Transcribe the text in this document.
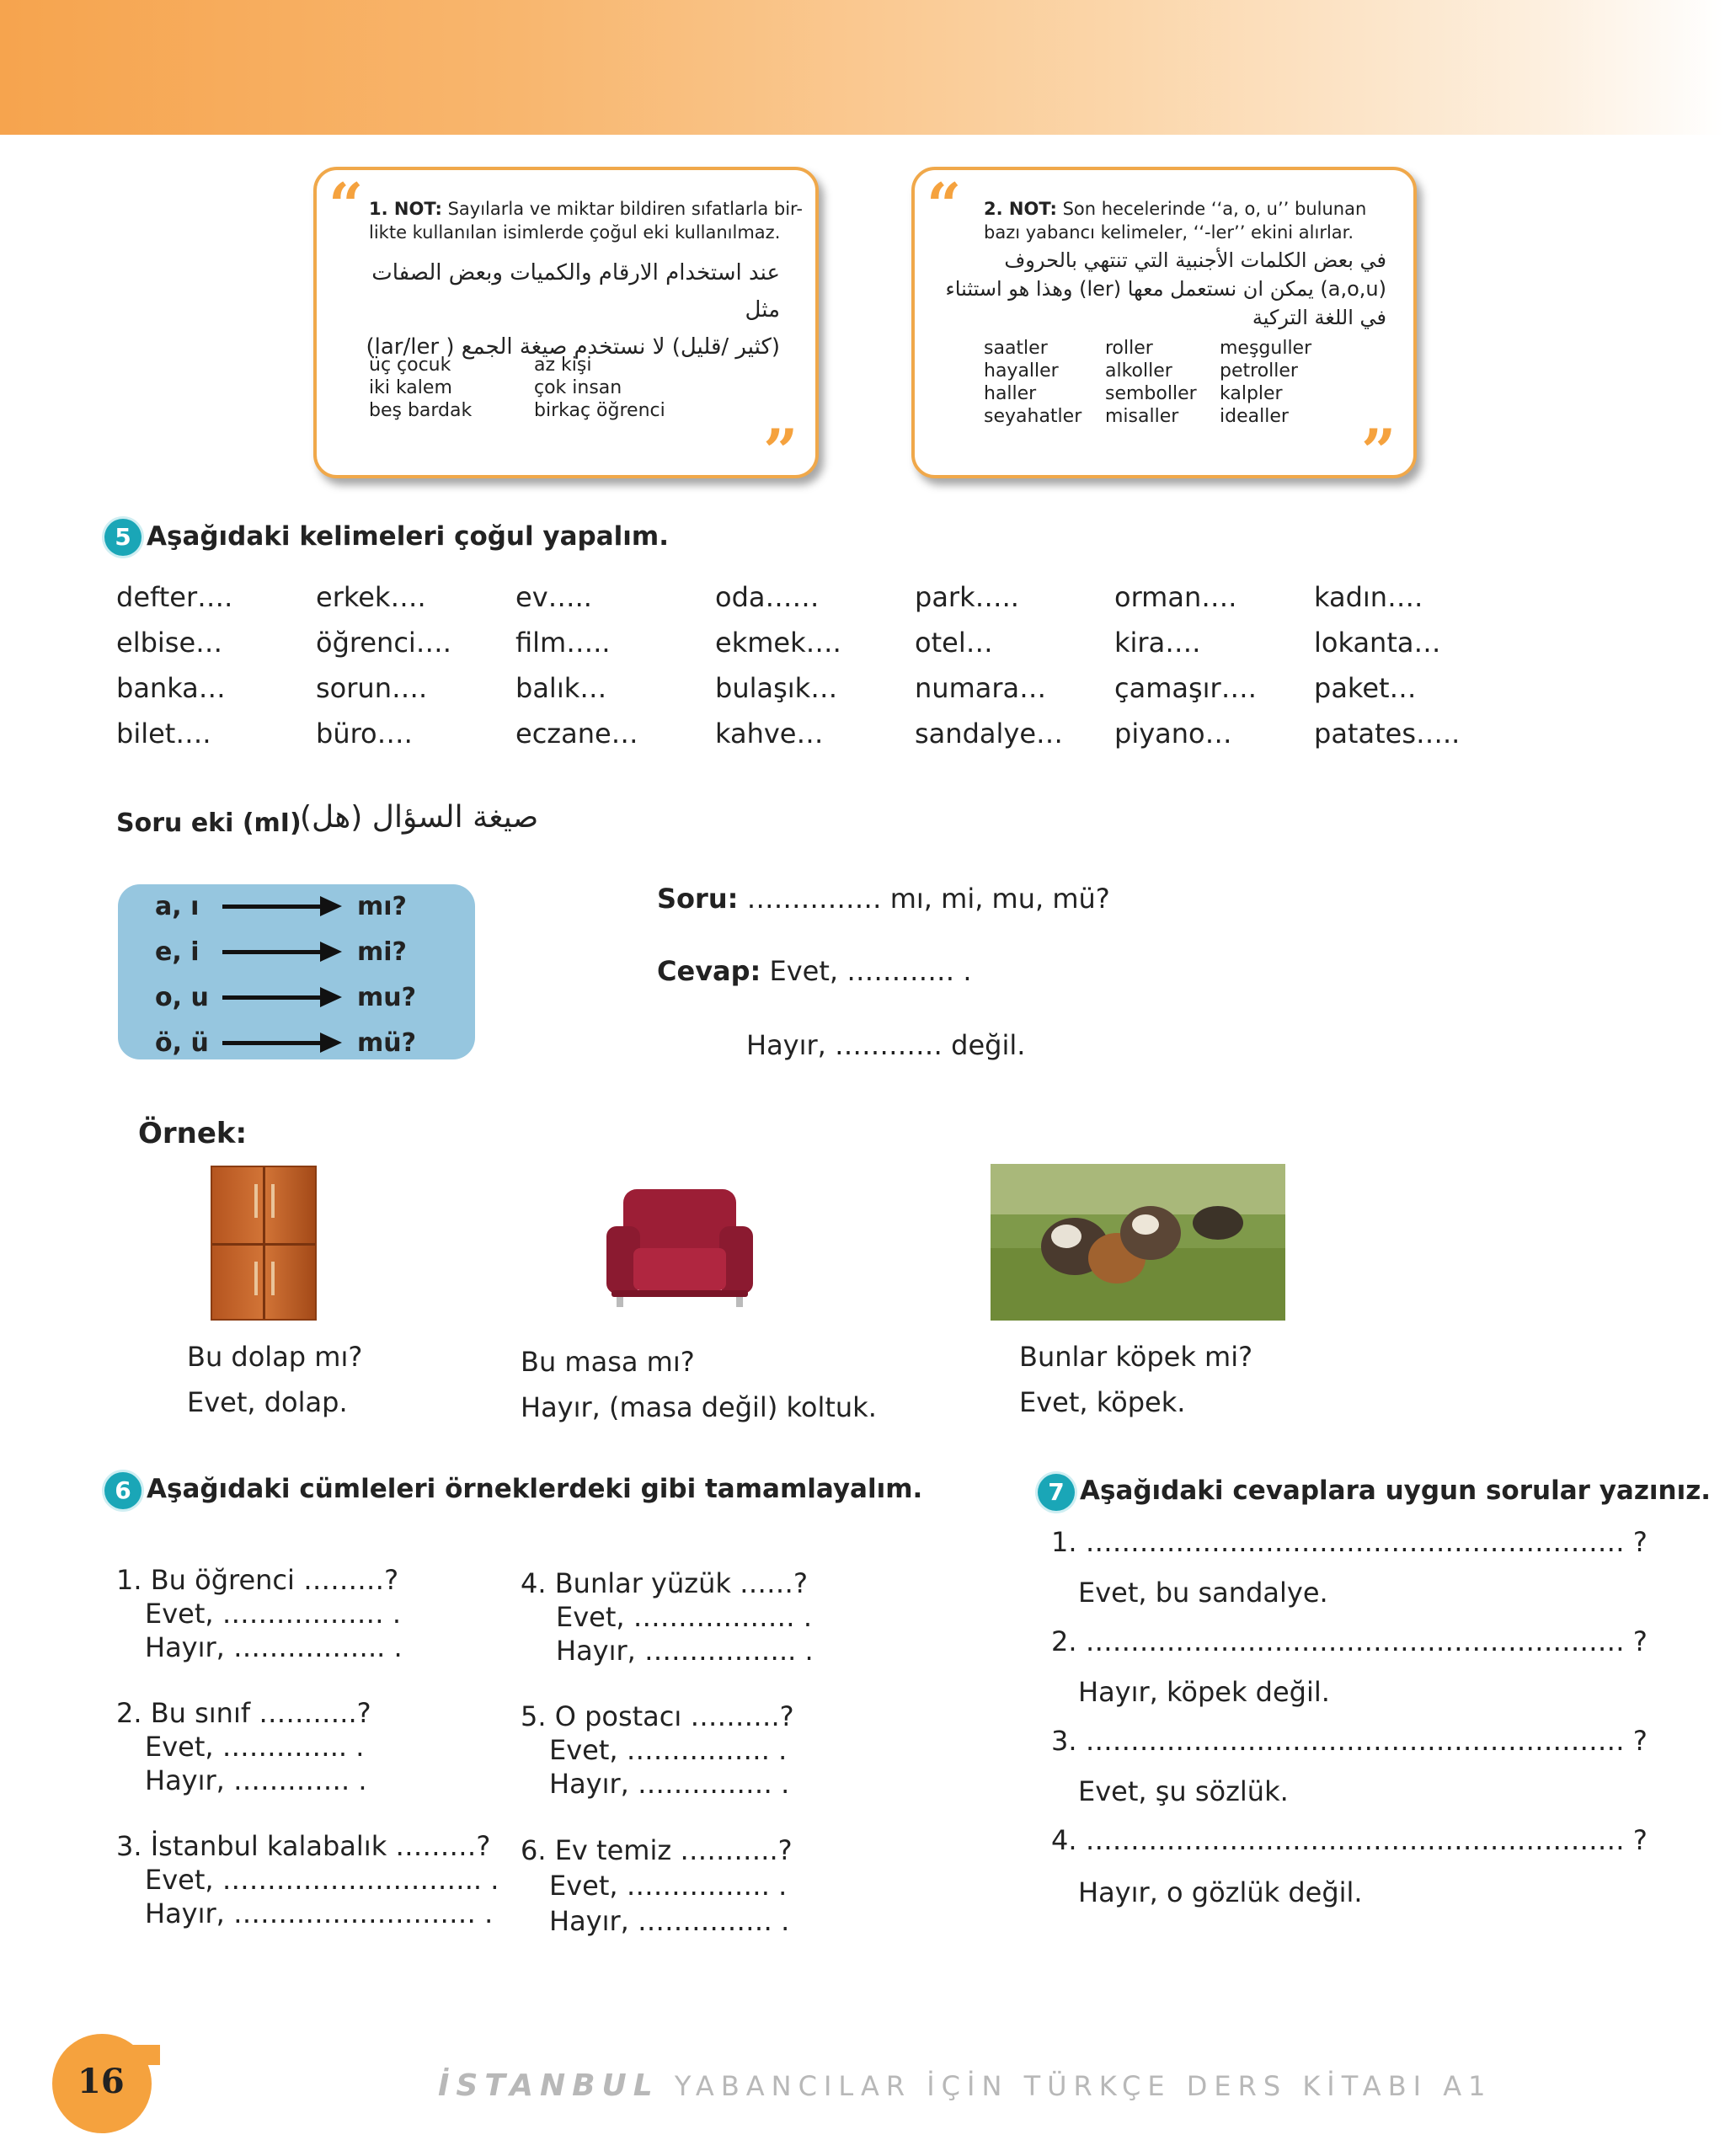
“ 1. NOT: Sayılarla ve miktar bildiren sıfatlarla bir-
likte kullanılan isimlerde çoğul eki kullanılmaz.
عند استخدام الارقام والكميات وبعض الصفات مثل
(كثير /قليل) لا نستخدم صيغة الجمع ( lar/ler)
üç çocuk
iki kalem
beş bardak
az kişi
çok insan
birkaç öğrenci
”
“ 2. NOT: Son hecelerinde ‘‘a, o, u’’ bulunan
bazı yabancı kelimeler, ‘‘-ler’’ ekini alırlar.
في بعض الكلمات الأجنبية التي تنتهي بالحروف
(a,o,u) يمكن ان نستعمل معها (ler) وهذا هو استثناء
في اللغة التركية
saatler
hayaller
haller
seyahatler
roller
alkoller
semboller
misaller
meşguller
petroller
kalpler
idealler	”
5 Aşağıdaki kelimeleri çoğul yapalım.
defter….
elbise…
banka…
bilet….
erkek….
öğrenci….
sorun….
büro….
ev…..
film…..
balık…
eczane…
oda……
ekmek….
bulaşık…
kahve…
park…..
otel…
numara…
sandalye…
orman….
kira….
çamaşır….
piyano…
kadın….
lokanta…
paket…
patates…..
Soru eki (mI)
صيغة السؤال (هل)
a, ı
e, i
o, u
ö, ü
mı?
mi?
mu?
mü?
Soru: …………… mı, mi, mu, mü?
Cevap: Evet, ………… .
Hayır, ………… değil.
Örnek:
Bu dolap mı?
Evet, dolap.
Bu masa mı?
Hayır, (masa değil) koltuk.
Bunlar köpek mi?
Evet, köpek.
6 Aşağıdaki cümleleri örneklerdeki gibi tamamlayalım.
1. Bu öğrenci ………?
Evet, ……………… .
Hayır, …………….. .
2. Bu sınıf ………..?
Evet, ………….. .
Hayır, …………. .
3. İstanbul kalabalık ………?
Evet, ……………………….. .
Hayır, ……………………… .
4. Bunlar yüzük ……?
Evet, ……………… .
Hayır, …………….. .
5. O postacı ……….?
Evet, ……………. .
Hayır, …………… .
6. Ev temiz ………..?
Evet, ……………. .
Hayır, …………… .
7 Aşağıdaki cevaplara uygun sorular yazınız.
1. …………………………………………………… ?
Evet, bu sandalye.
2. …………………………………………………… ?
Hayır, köpek değil.
3. …………………………………………………… ?
Evet, şu sözlük.
4. …………………………………………………… ?
Hayır, o gözlük değil.
16	İSTANBUL YABANCILAR İÇİN TÜRKÇE DERS KİTABI A1
